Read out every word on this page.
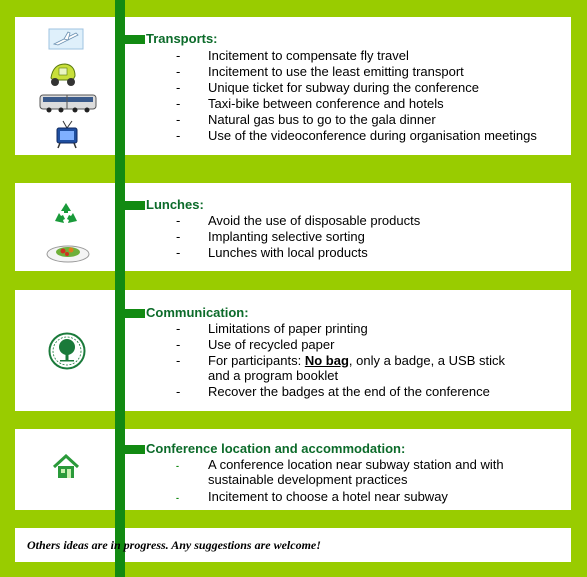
Transports:
- Incitement to compensate fly travel
- Incitement to use the least emitting transport
- Unique ticket for subway during the conference
- Taxi-bike between conference and hotels
- Natural gas bus to go to the gala dinner
- Use of the videoconference during organisation meetings
Lunches:
- Avoid the use of disposable products
- Implanting selective sorting
- Lunches with local products
Communication:
- Limitations of paper printing
- Use of recycled paper
- For participants: No bag, only a badge, a USB stick
and a program booklet
- Recover the badges at the end of the conference
Conference location and accommodation:
- A conference location near subway station and with
sustainable development practices
- Incitement to choose a hotel near subway
Others ideas are in progress. Any suggestions are welcome!
